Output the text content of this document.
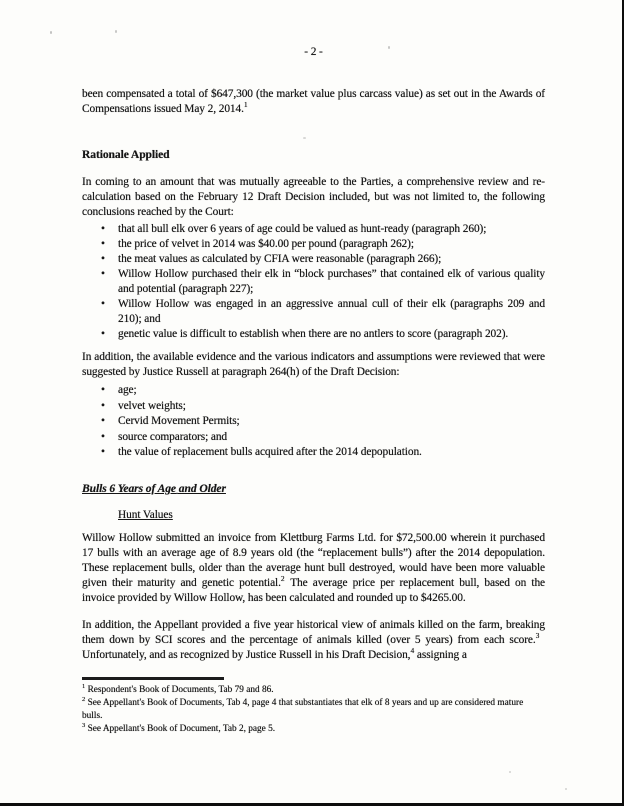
- 2 -

been compensated a total of $647,300 (the market value plus carcass value) as set out in the Awards of Compensations issued May 2, 2014.$^1$

Rationale Applied

In coming to an amount that was mutually agreeable to the Parties, a comprehensive review and re-calculation based on the February 12 Draft Decision included, but was not limited to, the following conclusions reached by the Court:

• that all bull elk over 6 years of age could be valued as hunt-ready (paragraph 260);
• the price of velvet in 2014 was $40.00 per pound (paragraph 262);
• the meat values as calculated by CFIA were reasonable (paragraph 266);
• Willow Hollow purchased their elk in “block purchases” that contained elk of various quality and potential (paragraph 227);
• Willow Hollow was engaged in an aggressive annual cull of their elk (paragraphs 209 and 210); and
• genetic value is difficult to establish when there are no antlers to score (paragraph 202).

In addition, the available evidence and the various indicators and assumptions were reviewed that were suggested by Justice Russell at paragraph 264(h) of the Draft Decision:

• age;
• velvet weights;
• Cervid Movement Permits;
• source comparators; and
• the value of replacement bulls acquired after the 2014 depopulation.
Bulls 6 Years of Age and Older
Hunt Values

Willow Hollow submitted an invoice from Klettburg Farms Ltd. for $72,500.00 wherein it purchased 17 bulls with an average age of 8.9 years old (the “replacement bulls”) after the 2014 depopulation. These replacement bulls, older than the average hunt bull destroyed, would have been more valuable given their maturity and genetic potential.$^2$ The average price per replacement bull, based on the invoice provided by Willow Hollow, has been calculated and rounded up to $4265.00.

In addition, the Appellant provided a five year historical view of animals killed on the farm, breaking them down by SCI scores and the percentage of animals killed (over 5 years) from each score.$^3$ Unfortunately, and as recognized by Justice Russell in his Draft Decision,$^4$ assigning a

$^1$ Respondent's Book of Documents, Tab 79 and 86.
$^2$ See Appellant's Book of Documents, Tab 4, page 4 that substantiates that elk of 8 years and up are considered mature bulls.
$^3$ See Appellant's Book of Document, Tab 2, page 5.
